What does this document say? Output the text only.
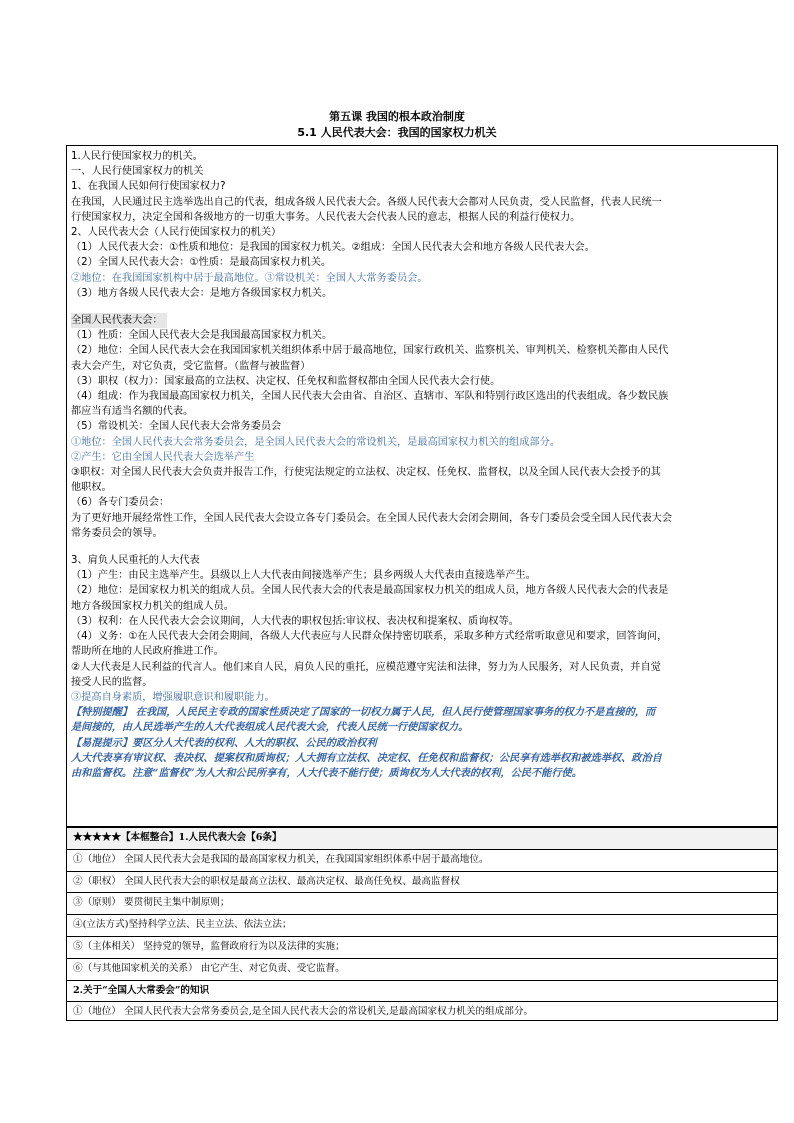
第五课 我国的根本政治制度
5.1 人民代表大会：我国的国家权力机关
1.人民行使国家权力的机关。
一、人民行使国家权力的机关
1、在我国人民如何行使国家权力?
在我国，人民通过民主选举选出自己的代表，组成各级人民代表大会。各级人民代表大会都对人民负责，受人民监督，代表人民统一
行使国家权力，决定全国和各级地方的一切重大事务。人民代表大会代表人民的意志，根据人民的利益行使权力。
2、人民代表大会（人民行使国家权力的机关）
（1）人民代表大会：①性质和地位：是我国的国家权力机关。②组成：全国人民代表大会和地方各级人民代表大会。
（2）全国人民代表大会：①性质：是最高国家权力机关。
②地位：在我国国家机构中居于最高地位。③常设机关：全国人大常务委员会。
（3）地方各级人民代表大会：是地方各级国家权力机关。
全国人民代表大会：
（1）性质：全国人民代表大会是我国最高国家权力机关。
（2）地位：全国人民代表大会在我国国家机关组织体系中居于最高地位，国家行政机关、监察机关、审判机关、检察机关都由人民代
表大会产生，对它负责，受它监督。（监督与被监督）
（3）职权（权力）：国家最高的立法权、决定权、任免权和监督权都由全国人民代表大会行使。
（4）组成：作为我国最高国家权力机关，全国人民代表大会由省、自治区、直辖市、军队和特别行政区选出的代表组成。各少数民族
都应当有适当名额的代表。
（5）常设机关：全国人民代表大会常务委员会
①地位：全国人民代表大会常务委员会，是全国人民代表大会的常设机关，是最高国家权力机关的组成部分。
②产生：它由全国人民代表大会选举产生
③职权：对全国人民代表大会负责并报告工作，行使宪法规定的立法权、决定权、任免权、监督权，以及全国人民代表大会授予的其
他职权。
（6）各专门委员会：
为了更好地开展经常性工作，全国人民代表大会设立各专门委员会。在全国人民代表大会闭会期间，各专门委员会受全国人民代表大会
常务委员会的领导。
3、肩负人民重托的人大代表
（1）产生：由民主选举产生。县级以上人大代表由间接选举产生；县乡两级人大代表由直接选举产生。
（2）地位：是国家权力机关的组成人员。全国人民代表大会的代表是最高国家权力机关的组成人员，地方各级人民代表大会的代表是
地方各级国家权力机关的组成人员。
（3）权利：在人民代表大会会议期间，人大代表的职权包括:审议权、表决权和提案权、质询权等。
（4）义务：①在人民代表大会闭会期间，各级人大代表应与人民群众保持密切联系，采取多种方式经常听取意见和要求，回答询问，
帮助所在地的人民政府推进工作。
②人大代表是人民利益的代言人。他们来自人民，肩负人民的重托，应模范遵守宪法和法律，努力为人民服务，对人民负责，并自觉
接受人民的监督。
③提高自身素质，增强履职意识和履职能力。
【特别提醒】 在我国，人民民主专政的国家性质决定了国家的一切权力属于人民，但人民行使管理国家事务的权力不是直接的，而
是间接的，由人民选举产生的人大代表组成人民代表大会，代表人民统一行使国家权力。
【易混提示】要区分人大代表的权利、人大的职权、公民的政治权利
人大代表享有审议权、表决权、提案权和质询权；人大拥有立法权、决定权、任免权和监督权；公民享有选举权和被选举权、政治自
由和监督权。注意“监督权”为人大和公民所享有，人大代表不能行使；质询权为人大代表的权利，公民不能行使。
★★★★★【本框整合】1.人民代表大会【6条】
①（地位） 全国人民代表大会是我国的最高国家权力机关，在我国国家组织体系中居于最高地位。
②（职权） 全国人民代表大会的职权是最高立法权、最高决定权、最高任免权、最高监督权
③（原则） 要贯彻民主集中制原则；
④(立法方式)坚持科学立法、民主立法、依法立法；
⑤（主体相关） 坚持党的领导，监督政府行为以及法律的实施；
⑥（与其他国家机关的关系） 由它产生、对它负责、受它监督。
2.关于“全国人大常委会”的知识
①（地位） 全国人民代表大会常务委员会,是全国人民代表大会的常设机关,是最高国家权力机关的组成部分。
